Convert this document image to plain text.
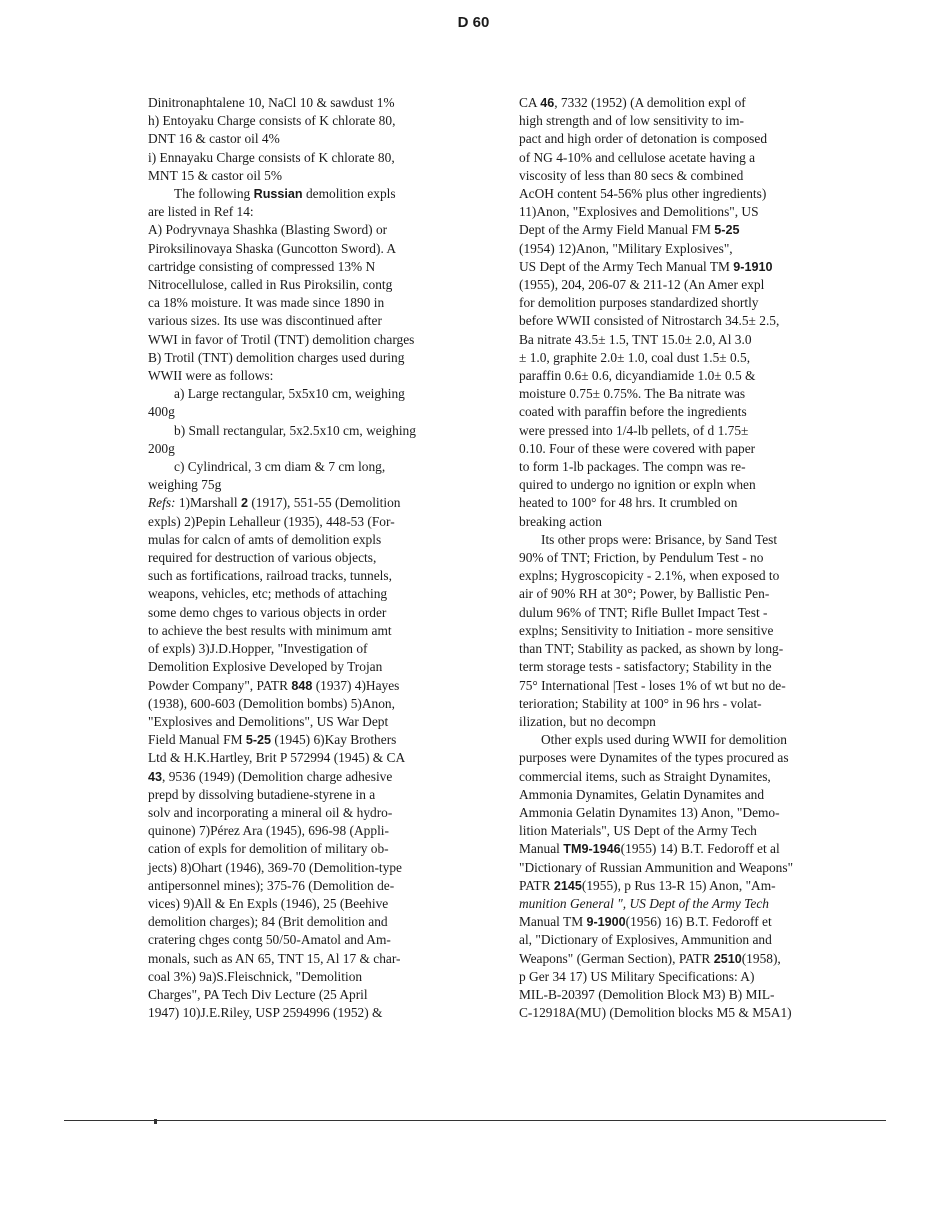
D 60
Dinitronaphtalene 10, NaCl 10 & sawdust 1%
h) Entoyaku Charge consists of K chlorate 80,
DNT 16 & castor oil 4%
i) Ennayaku Charge consists of K chlorate 80,
MNT 15 & castor oil 5%
The following Russian demolition expls
are listed in Ref 14:
A) Podryvnaya Shashka (Blasting Sword) or
Piroksilinovaya Shaska (Guncotton Sword). A
cartridge consisting of compressed 13% N
Nitrocellulose, called in Rus Piroksilin, contg
ca 18% moisture. It was made since 1890 in
various sizes. Its use was discontinued after
WWI in favor of Trotil (TNT) demolition charges
B) Trotil (TNT) demolition charges used during
WWII were as follows:
a) Large rectangular, 5x5x10 cm, weighing
400g
b) Small rectangular, 5x2.5x10 cm, weighing
200g
c) Cylindrical, 3 cm diam & 7 cm long,
weighing 75g
Refs: 1)Marshall 2 (1917), 551-55 (Demolition
expls) 2)Pepin Lehalleur (1935), 448-53 (For-
mulas for calcn of amts of demolition expls
required for destruction of various objects,
such as fortifications, railroad tracks, tunnels,
weapons, vehicles, etc; methods of attaching
some demo chges to various objects in order
to achieve the best results with minimum amt
of expls) 3)J.D.Hopper, "Investigation of
Demolition Explosive Developed by Trojan
Powder Company", PATR 848 (1937) 4)Hayes
(1938), 600-603 (Demolition bombs) 5)Anon,
"Explosives and Demolitions", US War Dept
Field Manual FM 5-25 (1945) 6)Kay Brothers
Ltd & H.K.Hartley, Brit P 572994 (1945) & CA
43, 9536 (1949) (Demolition charge adhesive
prepd by dissolving butadiene-styrene in a
solv and incorporating a mineral oil & hydro-
quinone) 7)Pérez Ara (1945), 696-98 (Appli-
cation of expls for demolition of military ob-
jects) 8)Ohart (1946), 369-70 (Demolition-type
antipersonnel mines); 375-76 (Demolition de-
vices) 9)All & En Expls (1946), 25 (Beehive
demolition charges); 84 (Brit demolition and
cratering chges contg 50/50-Amatol and Am-
monals, such as AN 65, TNT 15, Al 17 & char-
coal 3%) 9a)S.Fleischnick, "Demolition
Charges", PA Tech Div Lecture (25 April
1947) 10)J.E.Riley, USP 2594996 (1952) &
CA 46, 7332 (1952) (A demolition expl of
high strength and of low sensitivity to im-
pact and high order of detonation is composed
of NG 4-10% and cellulose acetate having a
viscosity of less than 80 secs & combined
AcOH content 54-56% plus other ingredients)
11)Anon, "Explosives and Demolitions", US
Dept of the Army Field Manual FM 5-25
(1954) 12)Anon, "Military Explosives",
US Dept of the Army Tech Manual TM 9-1910
(1955), 204, 206-07 & 211-12 (An Amer expl
for demolition purposes standardized shortly
before WWII consisted of Nitrostarch 34.5± 2.5,
Ba nitrate 43.5± 1.5, TNT 15.0± 2.0, Al 3.0
± 1.0, graphite 2.0± 1.0, coal dust 1.5± 0.5,
paraffin 0.6± 0.6, dicyandiamide 1.0± 0.5 &
moisture 0.75± 0.75%. The Ba nitrate was
coated with paraffin before the ingredients
were pressed into 1/4-lb pellets, of d 1.75±
0.10. Four of these were covered with paper
to form 1-lb packages. The compn was re-
quired to undergo no ignition or expln when
heated to 100° for 48 hrs. It crumbled on
breaking action
Its other props were: Brisance, by Sand Test
90% of TNT; Friction, by Pendulum Test - no
explns; Hygroscopicity - 2.1%, when exposed to
air of 90% RH at 30°; Power, by Ballistic Pen-
dulum 96% of TNT; Rifle Bullet Impact Test -
explns; Sensitivity to Initiation - more sensitive
than TNT; Stability as packed, as shown by long-
term storage tests - satisfactory; Stability in the
75° International |Test - loses 1% of wt but no de-
terioration; Stability at 100° in 96 hrs - volat-
ilization, but no decompn
Other expls used during WWII for demolition
purposes were Dynamites of the types procured as
commercial items, such as Straight Dynamites,
Ammonia Dynamites, Gelatin Dynamites and
Ammonia Gelatin Dynamites 13) Anon, "Demo-
lition Materials", US Dept of the Army Tech
Manual TM9-1946(1955) 14) B.T. Fedoroff et al
"Dictionary of Russian Ammunition and Weapons"
PATR 2145(1955), p Rus 13-R 15) Anon, "Am-
munition General ", US Dept of the Army Tech
Manual TM 9-1900(1956) 16) B.T. Fedoroff et
al, "Dictionary of Explosives, Ammunition and
Weapons" (German Section), PATR 2510(1958),
p Ger 34 17) US Military Specifications: A)
MIL-B-20397 (Demolition Block M3) B) MIL-
C-12918A(MU) (Demolition blocks M5 & M5A1)
